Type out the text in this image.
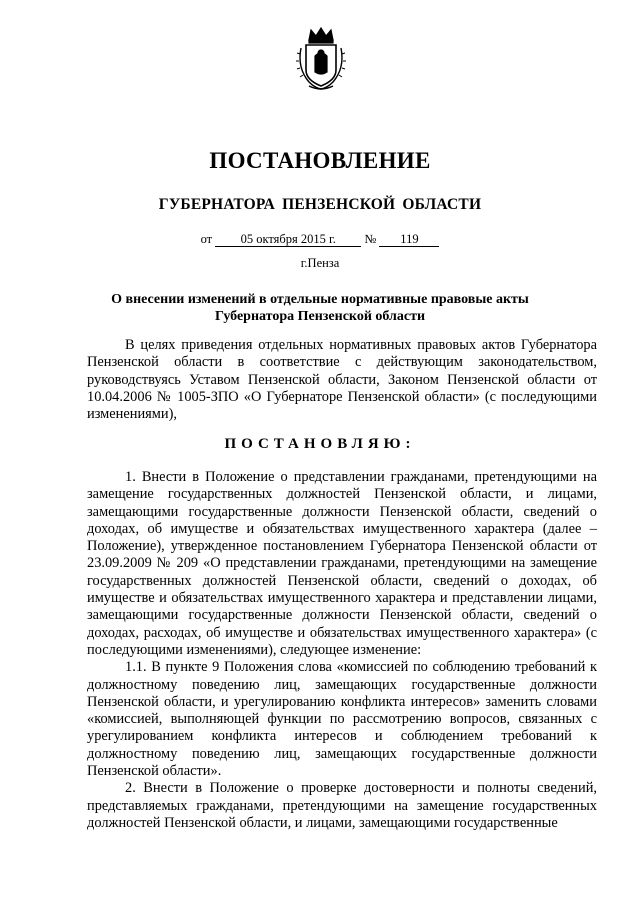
ПОСТАНОВЛЕНИЕ
ГУБЕРНАТОРА ПЕНЗЕНСКОЙ ОБЛАСТИ
от 05 октября 2015 г. № 119
г.Пенза
О внесении изменений в отдельные нормативные правовые акты
Губернатора Пензенской области

В целях приведения отдельных нормативных правовых актов Губернатора Пензенской области в соответствие с действующим законодательством, руководствуясь Уставом Пензенской области, Законом Пензенской области от 10.04.2006 № 1005-ЗПО «О Губернаторе Пензенской области» (с последующими изменениями),

ПОСТАНОВЛЯЮ:

1. Внести в Положение о представлении гражданами, претендующими на замещение государственных должностей Пензенской области, и лицами, замещающими государственные должности Пензенской области, сведений о доходах, об имуществе и обязательствах имущественного характера (далее – Положение), утвержденное постановлением Губернатора Пензенской области от 23.09.2009 № 209 «О представлении гражданами, претендующими на замещение государственных должностей Пензенской области, сведений о доходах, об имуществе и обязательствах имущественного характера и представлении лицами, замещающими государственные должности Пензенской области, сведений о доходах, расходах, об имуществе и обязательствах имущественного характера» (с последующими изменениями), следующее изменение:

1.1. В пункте 9 Положения слова «комиссией по соблюдению требований к должностному поведению лиц, замещающих государственные должности Пензенской области, и урегулированию конфликта интересов» заменить словами «комиссией, выполняющей функции по рассмотрению вопросов, связанных с урегулированием конфликта интересов и соблюдением требований к должностному поведению лиц, замещающих государственные должности Пензенской области».

2. Внести в Положение о проверке достоверности и полноты сведений, представляемых гражданами, претендующими на замещение государственных должностей Пензенской области, и лицами, замещающими государственные
